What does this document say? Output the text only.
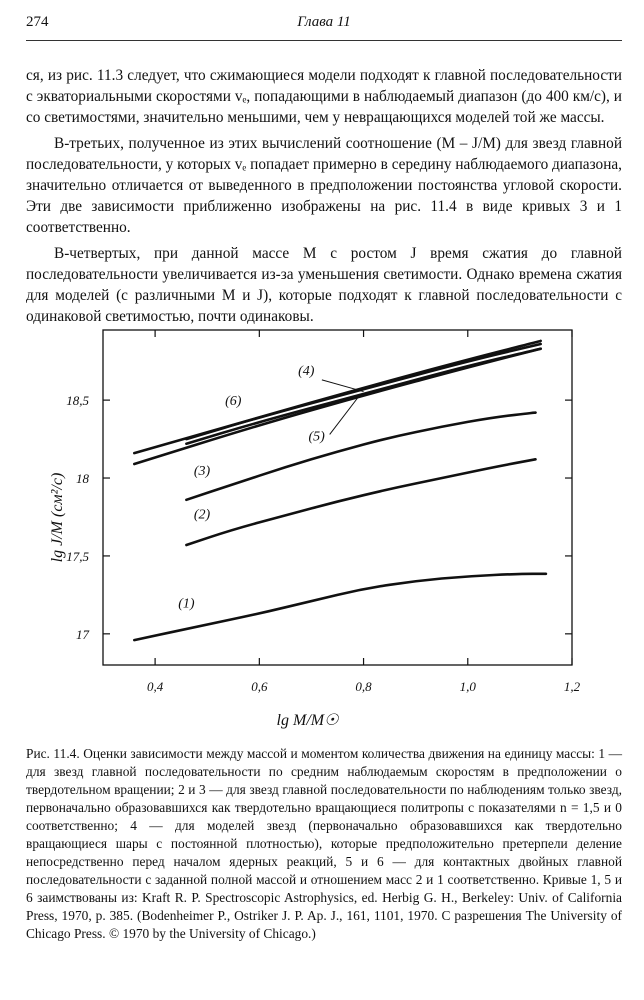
274	Глава 11

ся, из рис. 11.3 следует, что сжимающиеся модели подходят к главной последовательности с экваториальными скоростями vₑ, попадающими в наблюдаемый диапазон (до 400 км/с), и со светимостями, значительно меньшими, чем у невращающихся моделей той же массы.

В-третьих, полученное из этих вычислений соотношение (M – J/M) для звезд главной последовательности, у которых vₑ попадает примерно в середину наблюдаемого диапазона, значительно отличается от выведенного в предположении постоянства угловой скорости. Эти две зависимости приближенно изображены на рис. 11.4 в виде кривых 3 и 1 соответственно.

В-четвертых, при данной массе M с ростом J время сжатия до главной последовательности увеличивается из-за уменьшения светимости. Однако времена сжатия для моделей (с различными M и J), которые подходят к главной последовательности с одинаковой светимостью, почти одинаковы.

0,4	0,6	0,8	1,0	1,2
17
17,5
18
18,5
lg M/M☉
lg J/M (см²/с)
(1)
(2)
(3)
(4)
(5)
(6)

Рис. 11.4. Оценки зависимости между массой и моментом количества движения на единицу массы: 1 — для звезд главной последовательности по средним наблюдаемым скоростям в предположении о твердотельном вращении; 2 и 3 — для звезд главной последовательности по наблюдениям только звезд, первоначально образовавшихся как твердотельно вращающиеся политропы с показателями n = 1,5 и 0 соответственно; 4 — для моделей звезд (первоначально образовавшихся как твердотельно вращающиеся шары с постоянной плотностью), которые предположительно претерпели деление непосредственно перед началом ядерных реакций, 5 и 6 — для контактных двойных главной последовательности с заданной полной массой и отношением масс 2 и 1 соответственно. Кривые 1, 5 и 6 заимствованы из: Kraft R. P. Spectroscopic Astrophysics, ed. Herbig G. H., Berkeley: Univ. of California Press, 1970, p. 385. (Bodenheimer P., Ostriker J. P. Ap. J., 161, 1101, 1970. С разрешения The University of Chicago Press. © 1970 by the University of Chicago.)
